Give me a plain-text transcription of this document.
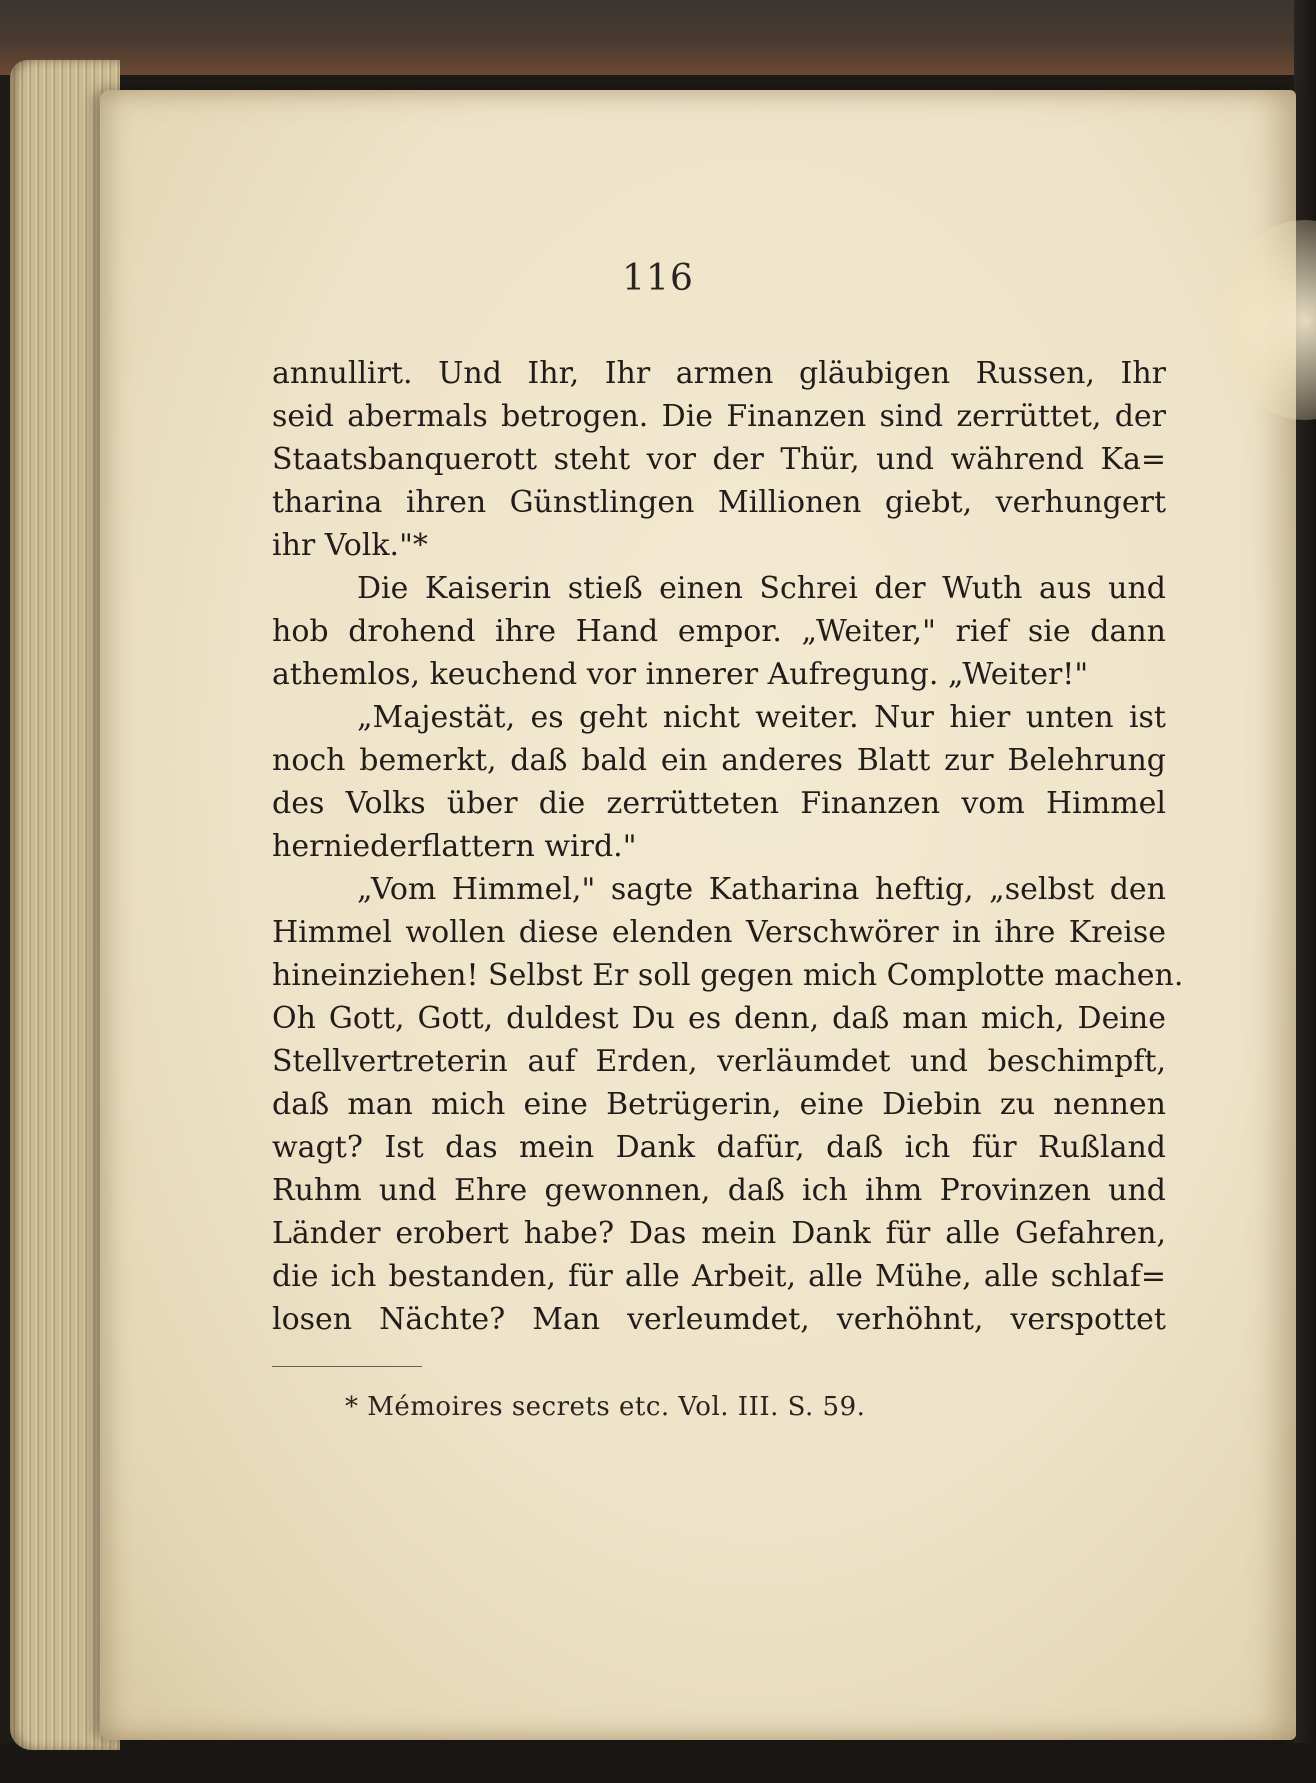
116
annullirt. Und Ihr, Ihr armen gläubigen Russen, Ihr
seid abermals betrogen. Die Finanzen sind zerrüttet, der
Staatsbanquerott steht vor der Thür, und während Ka=
tharina ihren Günstlingen Millionen giebt, verhungert
ihr Volk."*
Die Kaiserin stieß einen Schrei der Wuth aus und
hob drohend ihre Hand empor. „Weiter," rief sie dann
athemlos, keuchend vor innerer Aufregung. „Weiter!"
„Majestät, es geht nicht weiter. Nur hier unten ist
noch bemerkt, daß bald ein anderes Blatt zur Belehrung
des Volks über die zerrütteten Finanzen vom Himmel
herniederflattern wird."
„Vom Himmel," sagte Katharina heftig, „selbst den
Himmel wollen diese elenden Verschwörer in ihre Kreise
hineinziehen! Selbst Er soll gegen mich Complotte machen.
Oh Gott, Gott, duldest Du es denn, daß man mich, Deine
Stellvertreterin auf Erden, verläumdet und beschimpft,
daß man mich eine Betrügerin, eine Diebin zu nennen
wagt? Ist das mein Dank dafür, daß ich für Rußland
Ruhm und Ehre gewonnen, daß ich ihm Provinzen und
Länder erobert habe? Das mein Dank für alle Gefahren,
die ich bestanden, für alle Arbeit, alle Mühe, alle schlaf=
losen Nächte? Man verleumdet, verhöhnt, verspottet
* Mémoires secrets etc. Vol. III. S. 59.
